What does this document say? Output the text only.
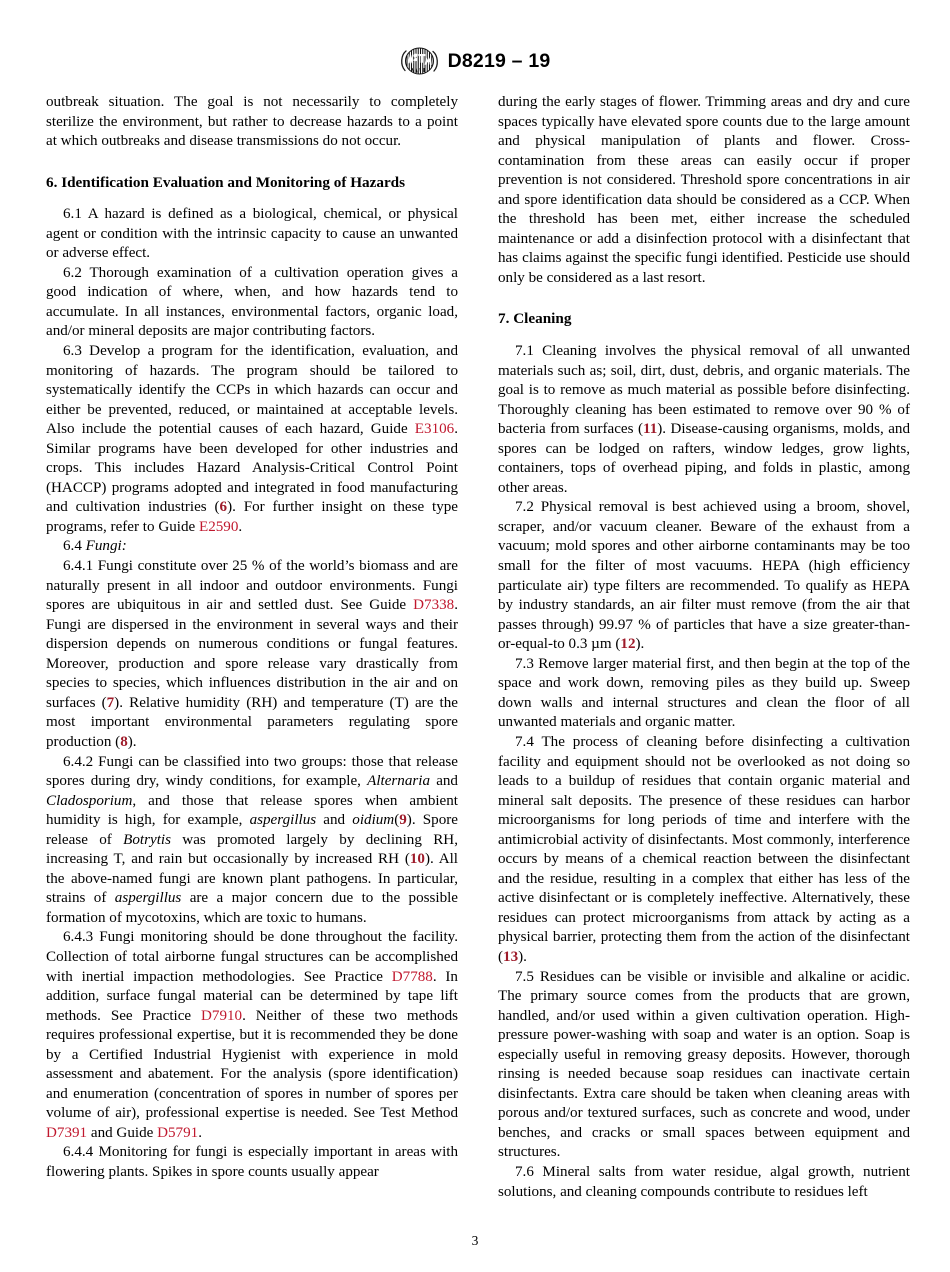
D8219 – 19

outbreak situation. The goal is not necessarily to completely sterilize the environment, but rather to decrease hazards to a point at which outbreaks and disease transmissions do not occur.

6. Identification Evaluation and Monitoring of Hazards

6.1 A hazard is defined as a biological, chemical, or physical agent or condition with the intrinsic capacity to cause an unwanted or adverse effect.

6.2 Thorough examination of a cultivation operation gives a good indication of where, when, and how hazards tend to accumulate. In all instances, environmental factors, organic load, and/or mineral deposits are major contributing factors.

6.3 Develop a program for the identification, evaluation, and monitoring of hazards. The program should be tailored to systematically identify the CCPs in which hazards can occur and either be prevented, reduced, or maintained at acceptable levels. Also include the potential causes of each hazard, Guide E3106. Similar programs have been developed for other industries and crops. This includes Hazard Analysis-Critical Control Point (HACCP) programs adopted and integrated in food manufacturing and cultivation industries (6). For further insight on these type programs, refer to Guide E2590.

6.4 Fungi:

6.4.1 Fungi constitute over 25 % of the world’s biomass and are naturally present in all indoor and outdoor environments. Fungi spores are ubiquitous in air and settled dust. See Guide D7338. Fungi are dispersed in the environment in several ways and their dispersion depends on numerous conditions or fungal features. Moreover, production and spore release vary drastically from species to species, which influences distribution in the air and on surfaces (7). Relative humidity (RH) and temperature (T) are the most important environmental parameters regulating spore production (8).

6.4.2 Fungi can be classified into two groups: those that release spores during dry, windy conditions, for example, Alternaria and Cladosporium, and those that release spores when ambient humidity is high, for example, aspergillus and oidium(9). Spore release of Botrytis was promoted largely by declining RH, increasing T, and rain but occasionally by increased RH (10). All the above-named fungi are known plant pathogens. In particular, strains of aspergillus are a major concern due to the possible formation of mycotoxins, which are toxic to humans.

6.4.3 Fungi monitoring should be done throughout the facility. Collection of total airborne fungal structures can be accomplished with inertial impaction methodologies. See Practice D7788. In addition, surface fungal material can be determined by tape lift methods. See Practice D7910. Neither of these two methods requires professional expertise, but it is recommended they be done by a Certified Industrial Hygienist with experience in mold assessment and abatement. For the analysis (spore identification) and enumeration (concentration of spores in number of spores per volume of air), professional expertise is needed. See Test Method D7391 and Guide D5791.

6.4.4 Monitoring for fungi is especially important in areas with flowering plants. Spikes in spore counts usually appear

during the early stages of flower. Trimming areas and dry and cure spaces typically have elevated spore counts due to the large amount and physical manipulation of plants and flower. Cross-contamination from these areas can easily occur if proper prevention is not considered. Threshold spore concentrations in air and spore identification data should be considered as a CCP. When the threshold has been met, either increase the scheduled maintenance or add a disinfection protocol with a disinfectant that has claims against the specific fungi identified. Pesticide use should only be considered as a last resort.

7. Cleaning

7.1 Cleaning involves the physical removal of all unwanted materials such as; soil, dirt, dust, debris, and organic materials. The goal is to remove as much material as possible before disinfecting. Thoroughly cleaning has been estimated to remove over 90 % of bacteria from surfaces (11). Disease-causing organisms, molds, and spores can be lodged on rafters, window ledges, grow lights, containers, tops of overhead piping, and folds in plastic, among other areas.

7.2 Physical removal is best achieved using a broom, shovel, scraper, and/or vacuum cleaner. Beware of the exhaust from a vacuum; mold spores and other airborne contaminants may be too small for the filter of most vacuums. HEPA (high efficiency particulate air) type filters are recommended. To qualify as HEPA by industry standards, an air filter must remove (from the air that passes through) 99.97 % of particles that have a size greater-than-or-equal-to 0.3 µm (12).

7.3 Remove larger material first, and then begin at the top of the space and work down, removing piles as they build up. Sweep down walls and internal structures and clean the floor of all unwanted materials and organic matter.

7.4 The process of cleaning before disinfecting a cultivation facility and equipment should not be overlooked as not doing so leads to a buildup of residues that contain organic material and mineral salt deposits. The presence of these residues can harbor microorganisms for long periods of time and interfere with the antimicrobial activity of disinfectants. Most commonly, interference occurs by means of a chemical reaction between the disinfectant and the residue, resulting in a complex that either has less of the active disinfectant or is completely ineffective. Alternatively, these residues can protect microorganisms from attack by acting as a physical barrier, protecting them from the action of the disinfectant (13).

7.5 Residues can be visible or invisible and alkaline or acidic. The primary source comes from the products that are grown, handled, and/or used within a given cultivation operation. High-pressure power-washing with soap and water is an option. Soap is especially useful in removing greasy deposits. However, thorough rinsing is needed because soap residues can inactivate certain disinfectants. Extra care should be taken when cleaning areas with porous and/or textured surfaces, such as concrete and wood, under benches, and cracks or small spaces between equipment and structures.

7.6 Mineral salts from water residue, algal growth, nutrient solutions, and cleaning compounds contribute to residues left

3
